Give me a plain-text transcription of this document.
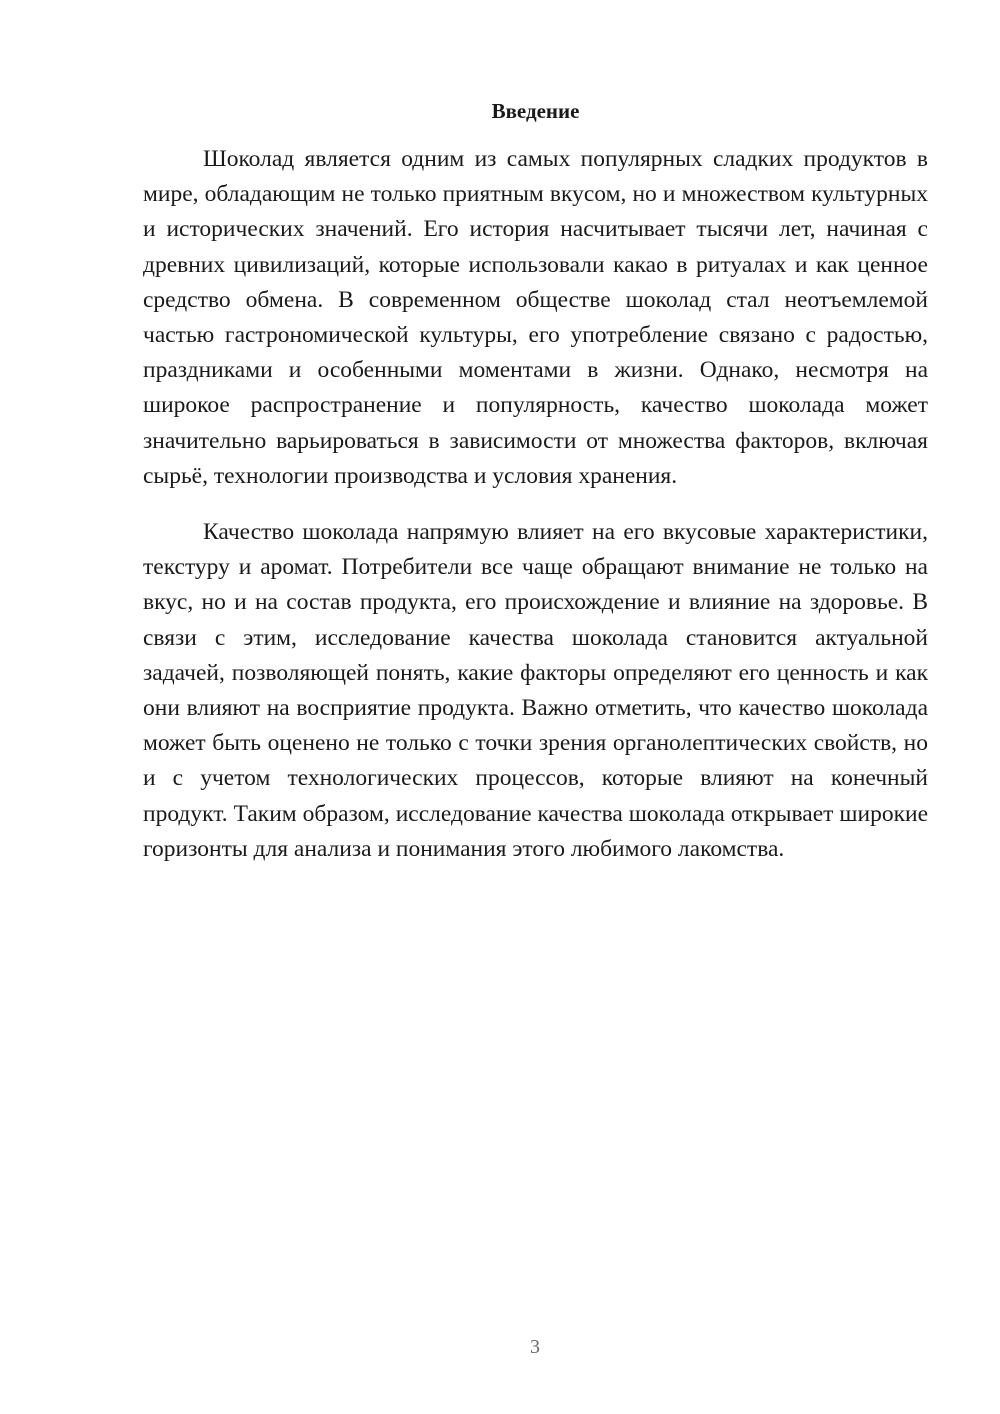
Введение

Шоколад является одним из самых популярных сладких продуктов в мире, обладающим не только приятным вкусом, но и множеством культурных и исторических значений. Его история насчитывает тысячи лет, начиная с древних цивилизаций, которые использовали какао в ритуалах и как ценное средство обмена. В современном обществе шоколад стал неотъемлемой частью гастрономической культуры, его употребление связано с радостью, праздниками и особенными моментами в жизни. Однако, несмотря на широкое распространение и популярность, качество шоколада может значительно варьироваться в зависимости от множества факторов, включая сырьё, технологии производства и условия хранения.

Качество шоколада напрямую влияет на его вкусовые характеристики, текстуру и аромат. Потребители все чаще обращают внимание не только на вкус, но и на состав продукта, его происхождение и влияние на здоровье. В связи с этим, исследование качества шоколада становится актуальной задачей, позволяющей понять, какие факторы определяют его ценность и как они влияют на восприятие продукта. Важно отметить, что качество шоколада может быть оценено не только с точки зрения органолептических свойств, но и с учетом технологических процессов, которые влияют на конечный продукт. Таким образом, исследование качества шоколада открывает широкие горизонты для анализа и понимания этого любимого лакомства.

3
